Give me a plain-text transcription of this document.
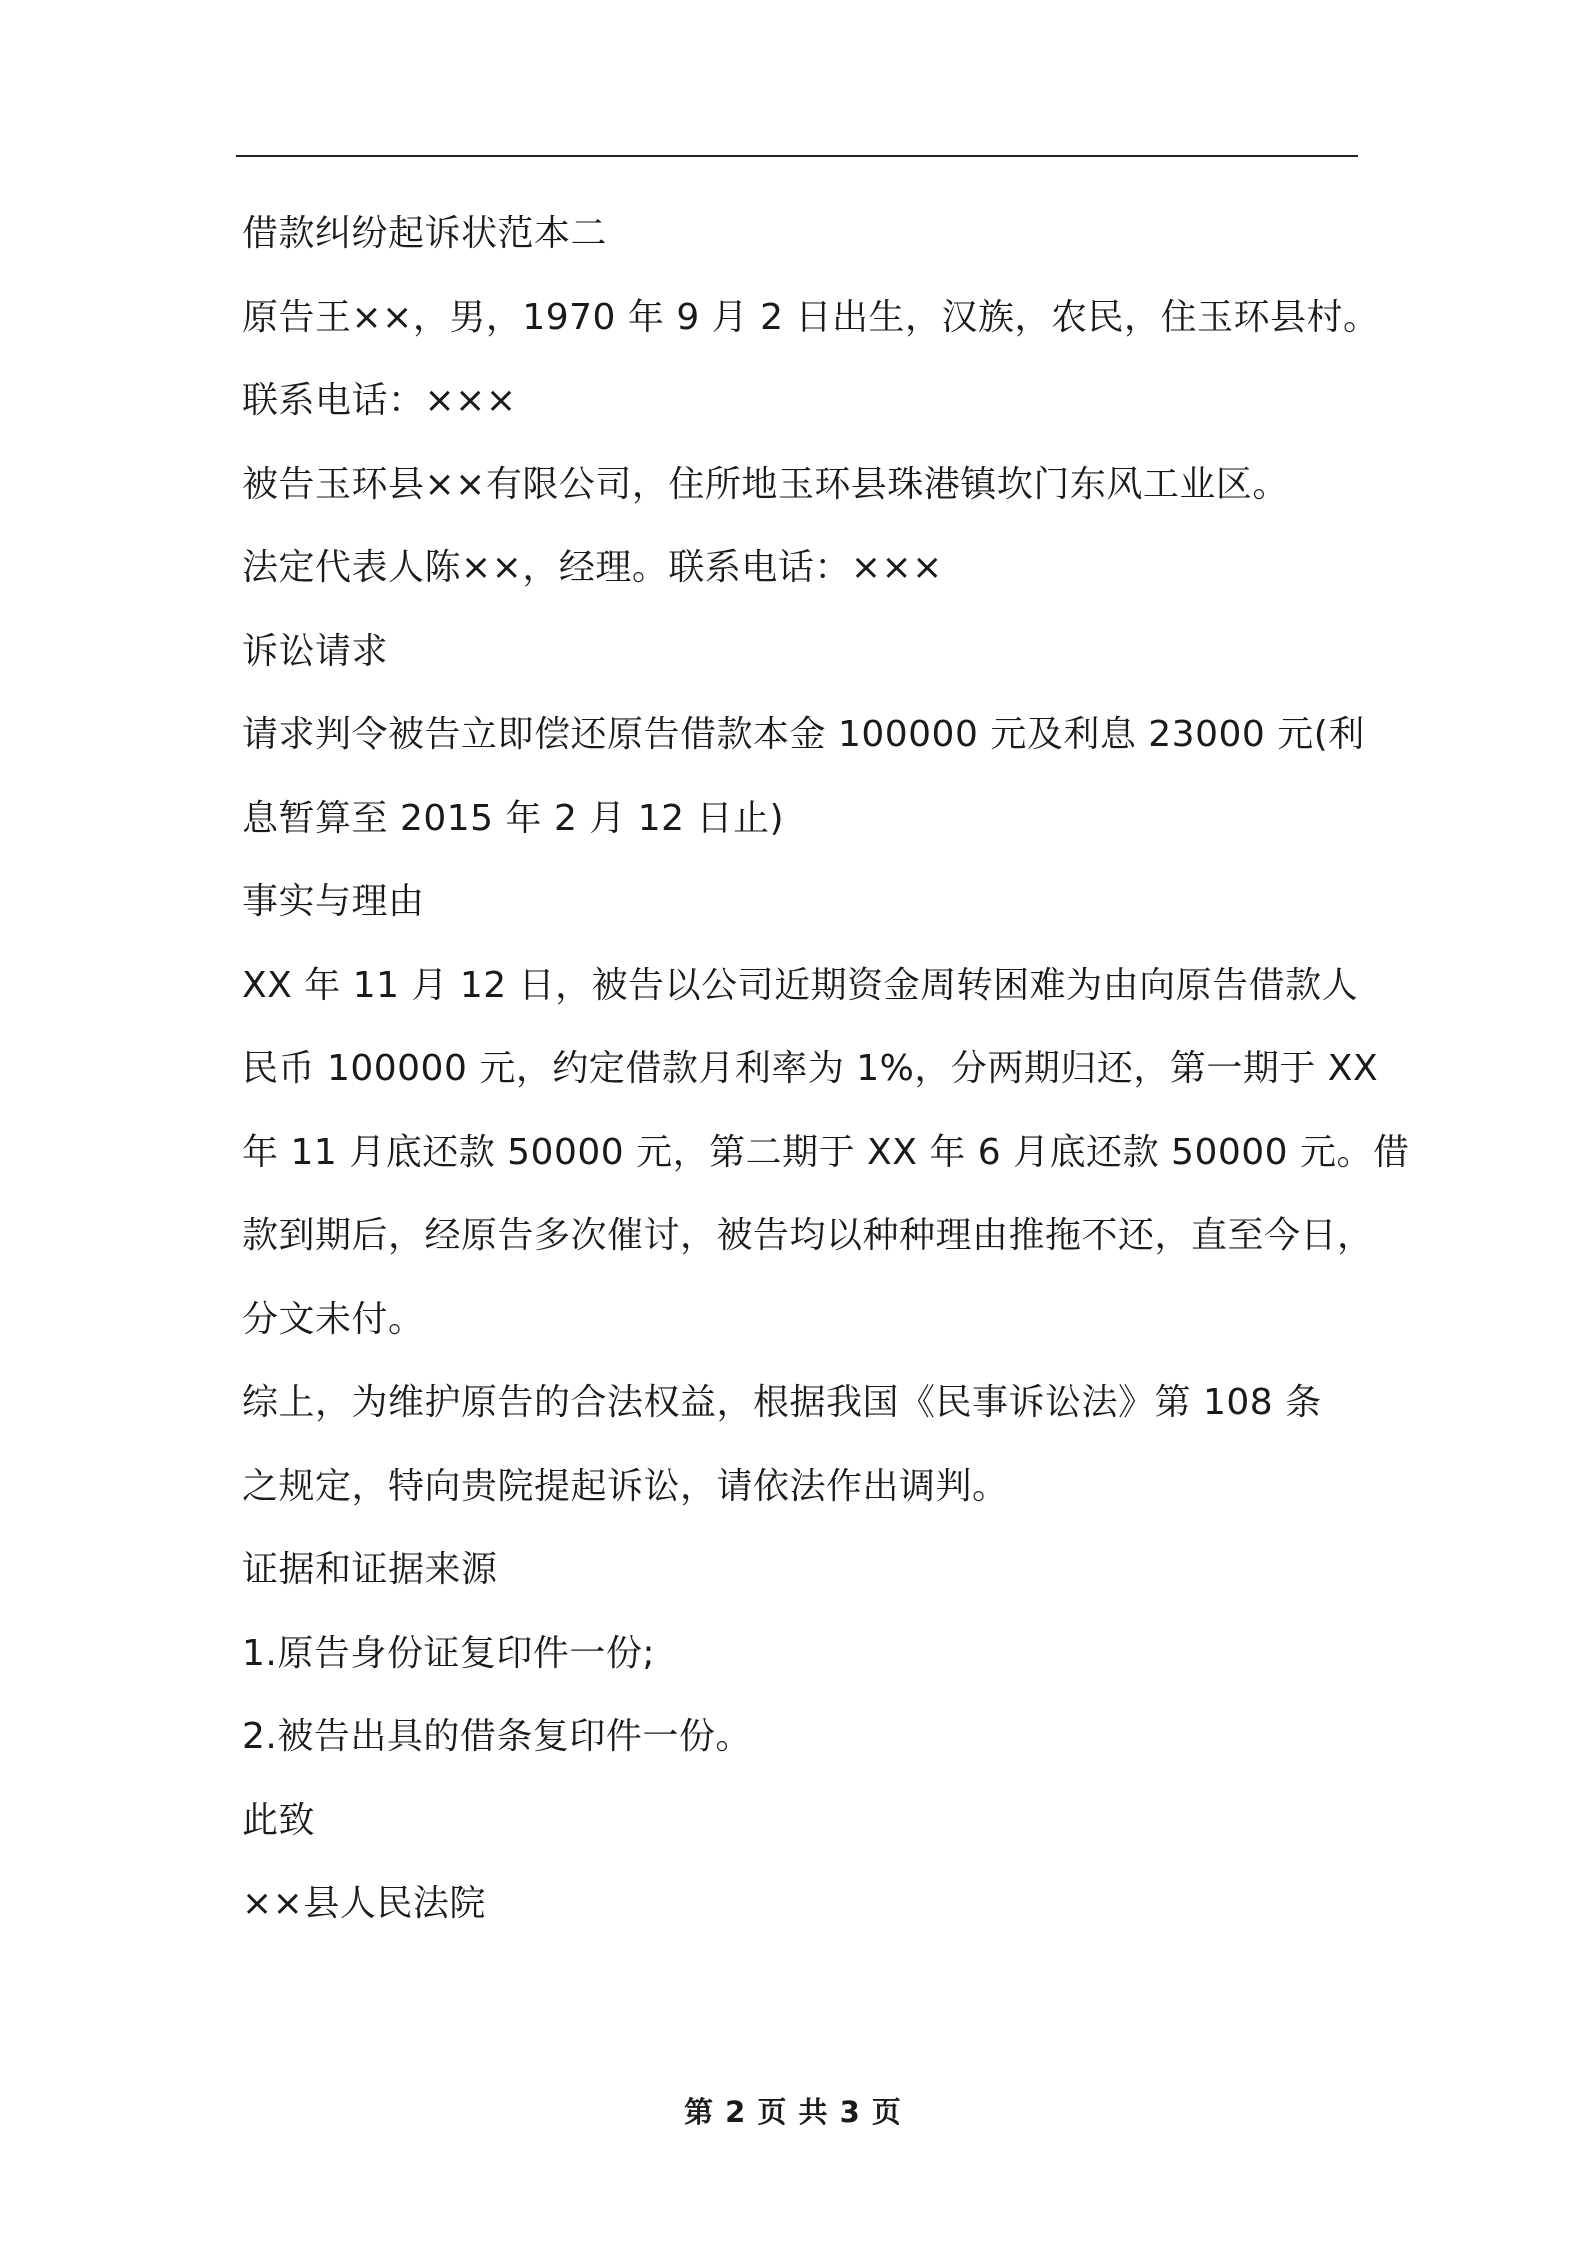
借款纠纷起诉状范本二
原告王××，男，1970 年 9 月 2 日出生，汉族，农民，住玉环县村。
联系电话：×××
被告玉环县××有限公司，住所地玉环县珠港镇坎门东风工业区。
法定代表人陈××，经理。联系电话：×××
诉讼请求
请求判令被告立即偿还原告借款本金 100000 元及利息 23000 元(利
息暂算至 2015 年 2 月 12 日止)
事实与理由
XX 年 11 月 12 日，被告以公司近期资金周转困难为由向原告借款人
民币 100000 元，约定借款月利率为 1%，分两期归还，第一期于 XX
年 11 月底还款 50000 元，第二期于 XX 年 6 月底还款 50000 元。借
款到期后，经原告多次催讨，被告均以种种理由推拖不还，直至今日，
分文未付。
综上，为维护原告的合法权益，根据我国《民事诉讼法》第 108 条
之规定，特向贵院提起诉讼，请依法作出调判。
证据和证据来源
1.原告身份证复印件一份;
2.被告出具的借条复印件一份。
此致
××县人民法院
第 2 页 共 3 页
